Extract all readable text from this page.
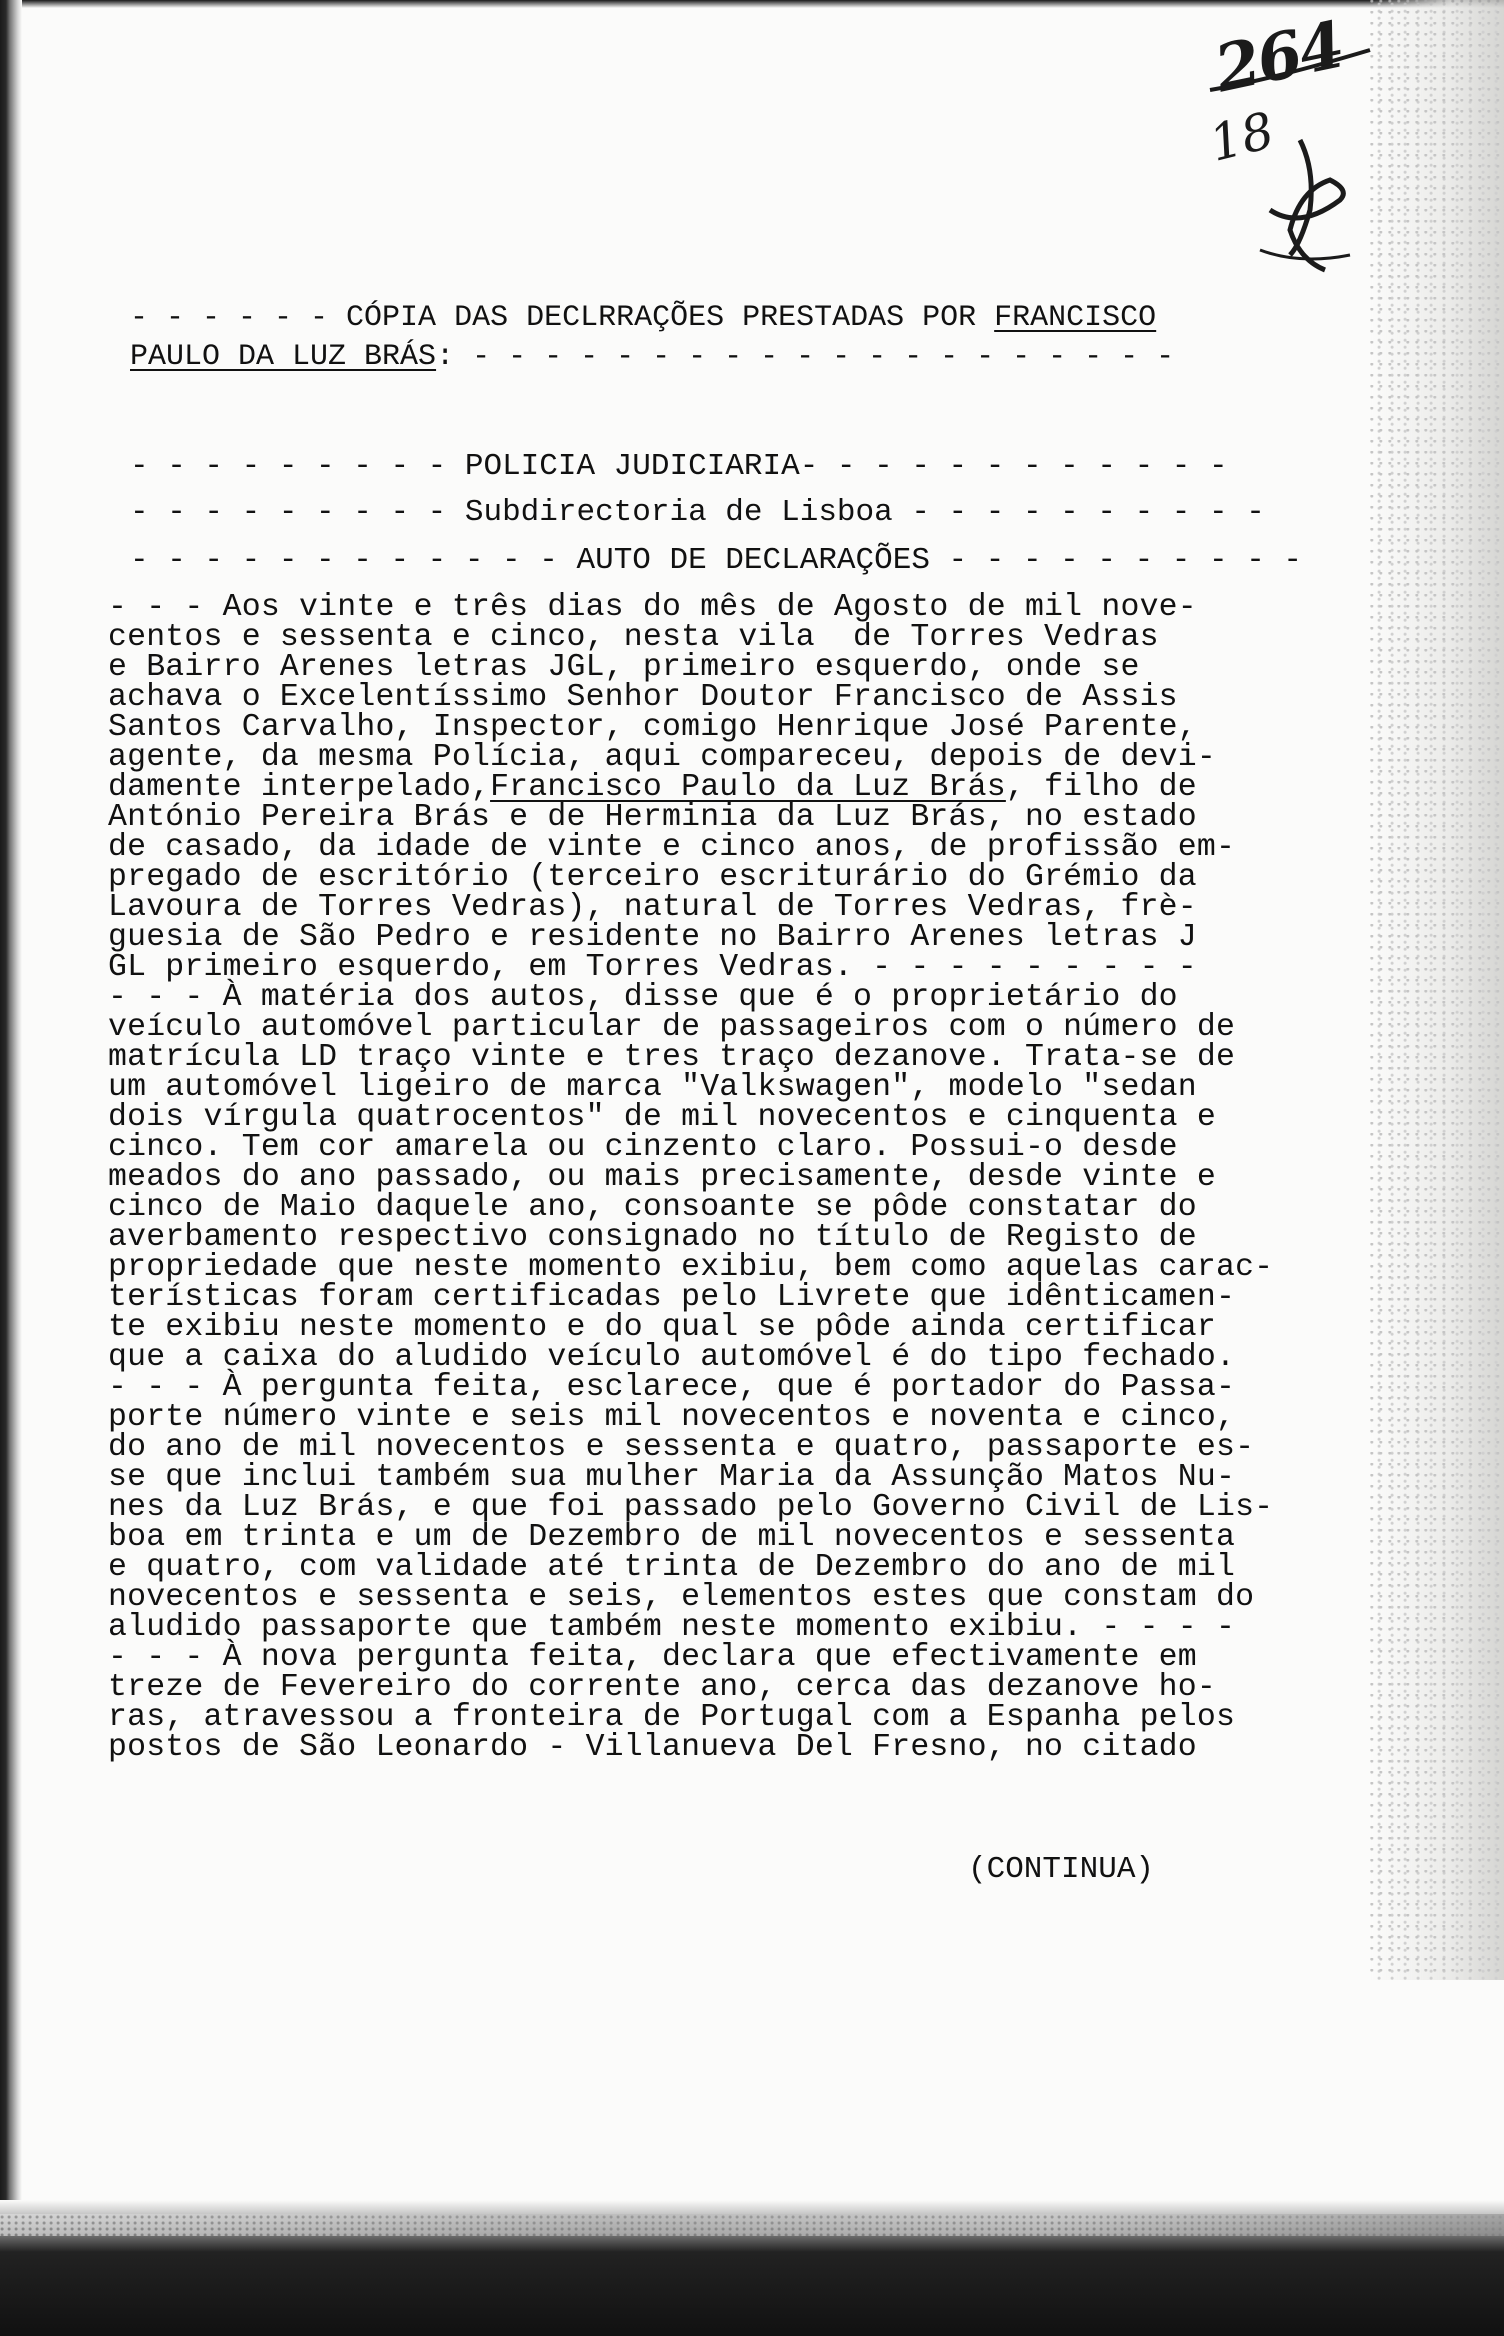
264
18
- - - - - - CÓPIA DAS DECLRRAÇÕES PRESTADAS POR FRANCISCO
PAULO DA LUZ BRÁS: - - - - - - - - - - - - - - - - - - - -
- - - - - - - - - POLICIA JUDICIARIA- - - - - - - - - - - -
- - - - - - - - - Subdirectoria de Lisboa - - - - - - - - - -
- - - - - - - - - - - - AUTO DE DECLARAÇÕES - - - - - - - - - -
- - - Aos vinte e três dias do mês de Agosto de mil nove-
centos e sessenta e cinco, nesta vila  de Torres Vedras
e Bairro Arenes letras JGL, primeiro esquerdo, onde se
achava o Excelentíssimo Senhor Doutor Francisco de Assis
Santos Carvalho, Inspector, comigo Henrique José Parente,
agente, da mesma Polícia, aqui compareceu, depois de devi-
damente interpelado,Francisco Paulo da Luz Brás, filho de
António Pereira Brás e de Herminia da Luz Brás, no estado
de casado, da idade de vinte e cinco anos, de profissão em-
pregado de escritório (terceiro escriturário do Grémio da
Lavoura de Torres Vedras), natural de Torres Vedras, frè-
guesia de São Pedro e residente no Bairro Arenes letras J
GL primeiro esquerdo, em Torres Vedras. - - - - - - - - -
- - - À matéria dos autos, disse que é o proprietário do
veículo automóvel particular de passageiros com o número de
matrícula LD traço vinte e tres traço dezanove. Trata-se de
um automóvel ligeiro de marca "Valkswagen", modelo "sedan
dois vírgula quatrocentos" de mil novecentos e cinquenta e
cinco. Tem cor amarela ou cinzento claro. Possui-o desde
meados do ano passado, ou mais precisamente, desde vinte e
cinco de Maio daquele ano, consoante se pôde constatar do
averbamento respectivo consignado no título de Registo de
propriedade que neste momento exibiu, bem como aquelas carac-
terísticas foram certificadas pelo Livrete que idênticamen-
te exibiu neste momento e do qual se pôde ainda certificar
que a caixa do aludido veículo automóvel é do tipo fechado.
- - - À pergunta feita, esclarece, que é portador do Passa-
porte número vinte e seis mil novecentos e noventa e cinco,
do ano de mil novecentos e sessenta e quatro, passaporte es-
se que inclui também sua mulher Maria da Assunção Matos Nu-
nes da Luz Brás, e que foi passado pelo Governo Civil de Lis-
boa em trinta e um de Dezembro de mil novecentos e sessenta
e quatro, com validade até trinta de Dezembro do ano de mil
novecentos e sessenta e seis, elementos estes que constam do
aludido passaporte que também neste momento exibiu. - - - -
- - - À nova pergunta feita, declara que efectivamente em
treze de Fevereiro do corrente ano, cerca das dezanove ho-
ras, atravessou a fronteira de Portugal com a Espanha pelos
postos de São Leonardo - Villanueva Del Fresno, no citado
(CONTINUA)
